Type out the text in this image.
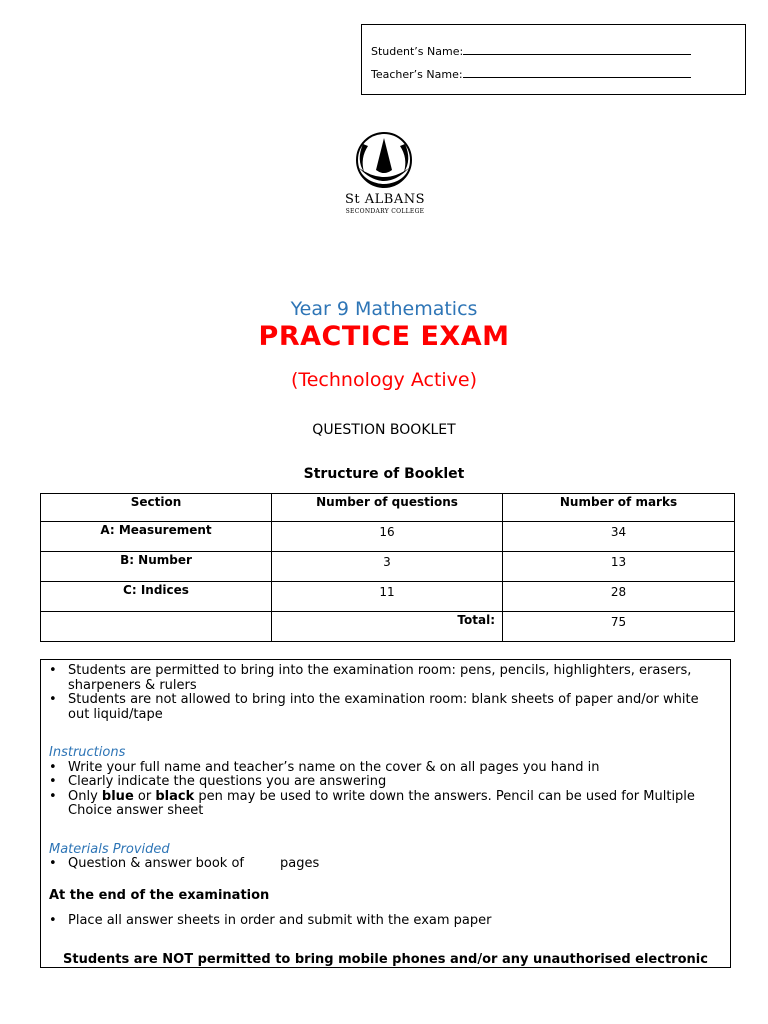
Student’s Name:
Teacher’s Name:
St ALBANS
SECONDARY COLLEGE
Year 9 Mathematics
PRACTICE EXAM
(Technology Active)
QUESTION BOOKLET
Structure of Booklet
Section	Number of questions	Number of marks
A: Measurement	16	34
B: Number	3	13
C: Indices	11	28
	Total:	75
• Students are permitted to bring into the examination room: pens, pencils, highlighters, erasers, sharpeners & rulers
• Students are not allowed to bring into the examination room: blank sheets of paper and/or white out liquid/tape
Instructions
• Write your full name and teacher’s name on the cover & on all pages you hand in
• Clearly indicate the questions you are answering
• Only blue or black pen may be used to write down the answers. Pencil can be used for Multiple Choice answer sheet
Materials Provided
• Question & answer book of	pages
At the end of the examination
• Place all answer sheets in order and submit with the exam paper
Students are NOT permitted to bring mobile phones and/or any unauthorised electronic
